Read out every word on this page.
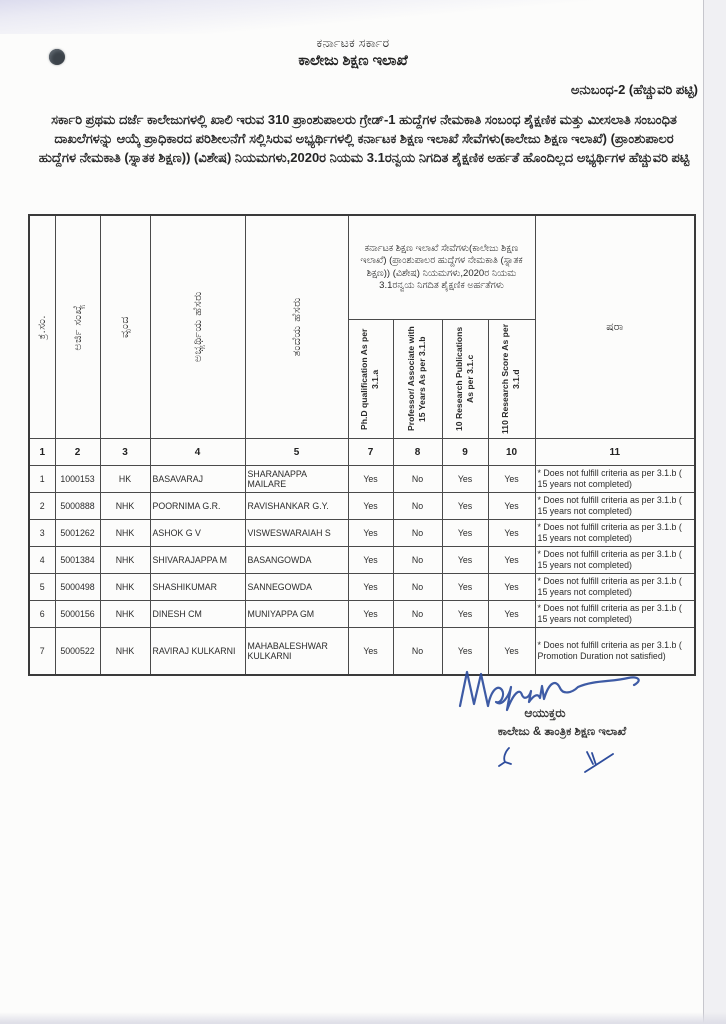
ಕರ್ನಾಟಕ ಸರ್ಕಾರ
ಕಾಲೇಜು ಶಿಕ್ಷಣ ಇಲಾಖೆ
ಅನುಬಂಧ-2 (ಹೆಚ್ಚುವರಿ ಪಟ್ಟಿ)
ಸರ್ಕಾರಿ ಪ್ರಥಮ ದರ್ಜೆ ಕಾಲೇಜುಗಳಲ್ಲಿ ಖಾಲಿ ಇರುವ 310 ಪ್ರಾಂಶುಪಾಲರು ಗ್ರೇಡ್-1 ಹುದ್ದೆಗಳ ನೇಮಕಾತಿ ಸಂಬಂಧ ಶೈಕ್ಷಣಿಕ ಮತ್ತು ಮೀಸಲಾತಿ ಸಂಬಂಧಿತ ದಾಖಲೆಗಳನ್ನು ಆಯ್ಕೆ ಪ್ರಾಧಿಕಾರದ ಪರಿಶೀಲನೆಗೆ ಸಲ್ಲಿಸಿರುವ ಅಭ್ಯರ್ಥಿಗಳಲ್ಲಿ ಕರ್ನಾಟಕ ಶಿಕ್ಷಣ ಇಲಾಖೆ ಸೇವೆಗಳು(ಕಾಲೇಜು ಶಿಕ್ಷಣ ಇಲಾಖೆ) (ಪ್ರಾಂಶುಪಾಲರ ಹುದ್ದೆಗಳ ನೇಮಕಾತಿ (ಸ್ನಾತಕ ಶಿಕ್ಷಣ)) (ವಿಶೇಷ) ನಿಯಮಗಳು,2020ರ ನಿಯಮ 3.1ರನ್ವಯ ನಿಗದಿತ ಶೈಕ್ಷಣಿಕ ಅರ್ಹತೆ ಹೊಂದಿಲ್ಲದ ಅಭ್ಯರ್ಥಿಗಳ ಹೆಚ್ಚುವರಿ ಪಟ್ಟಿ
ಕ್ರ.ಸಂ.	ಅರ್ಜಿ ಸಂಖ್ಯೆ	ವೃಂದ	ಅಭ್ಯರ್ಥಿಯ ಹೆಸರು	ತಂದೆಯ ಹೆಸರು	ಕರ್ನಾಟಕ ಶಿಕ್ಷಣ ಇಲಾಖೆ ಸೇವೆಗಳು(ಕಾಲೇಜು ಶಿಕ್ಷಣ ಇಲಾಖೆ) (ಪ್ರಾಂಶುಪಾಲರ ಹುದ್ದೆಗಳ ನೇಮಕಾತಿ (ಸ್ನಾತಕ ಶಿಕ್ಷಣ)) (ವಿಶೇಷ) ನಿಯಮಗಳು,2020ರ ನಿಯಮ 3.1ರನ್ವಯ ನಿಗದಿತ ಶೈಕ್ಷಣಿಕ ಅರ್ಹತೆಗಳು				ಷರಾ

					Ph.D qualification As per 3.1.a	Professor/ Associate with 15 Years As per 3.1.b	10 Research Publications As per 3.1.c	110 Research Score As per 3.1.d	

1	2	3	4	5	7	8	9	10	11
1	1000153	HK	BASAVARAJ	SHARANAPPA MAILARE	Yes	No	Yes	Yes	* Does not fulfill criteria as per 3.1.b ( 15 years not completed)
2	5000888	NHK	POORNIMA G.R.	RAVISHANKAR G.Y.	Yes	No	Yes	Yes	* Does not fulfill criteria as per 3.1.b ( 15 years not completed)
3	5001262	NHK	ASHOK G V	VISWESWARAIAH S	Yes	No	Yes	Yes	* Does not fulfill criteria as per 3.1.b ( 15 years not completed)
4	5001384	NHK	SHIVARAJAPPA M	BASANGOWDA	Yes	No	Yes	Yes	* Does not fulfill criteria as per 3.1.b ( 15 years not completed)
5	5000498	NHK	SHASHIKUMAR	SANNEGOWDA	Yes	No	Yes	Yes	* Does not fulfill criteria as per 3.1.b ( 15 years not completed)
6	5000156	NHK	DINESH CM	MUNIYAPPA GM	Yes	No	Yes	Yes	* Does not fulfill criteria as per 3.1.b ( 15 years not completed)
7	5000522	NHK	RAVIRAJ KULKARNI	MAHABALESHWAR KULKARNI	Yes	No	Yes	Yes	* Does not fulfill criteria as per 3.1.b ( Promotion Duration not satisfied)
ಆಯುಕ್ತರು
ಕಾಲೇಜು & ತಾಂತ್ರಿಕ ಶಿಕ್ಷಣ ಇಲಾಖೆ
